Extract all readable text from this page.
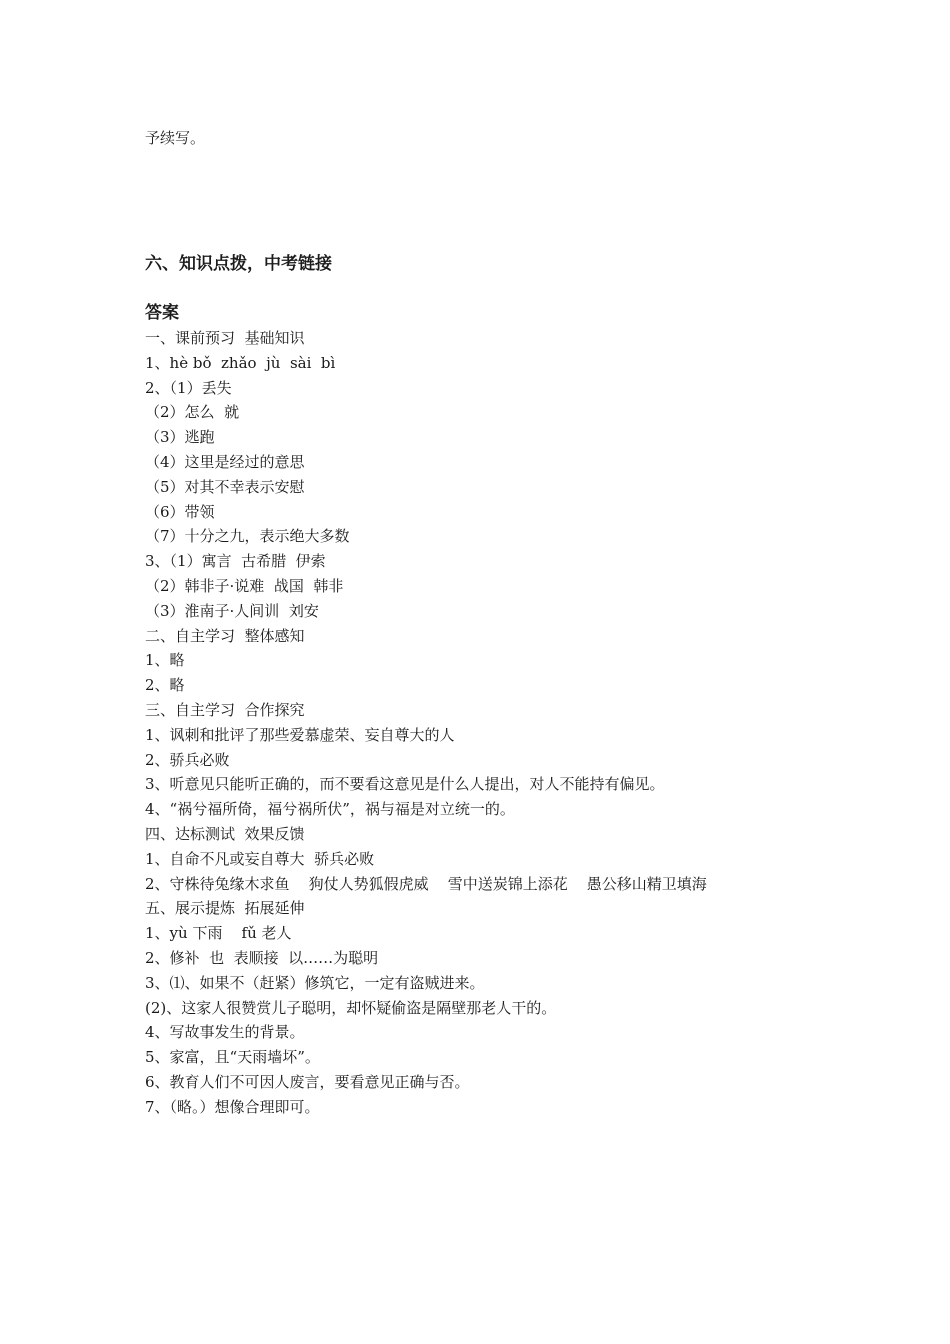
予续写。

六、知识点拨，中考链接
答案
一、课前预习  基础知识
1、hè bǒ  zhǎo  jù  sài  bì
2、（1）丢失
（2）怎么  就
（3）逃跑
（4）这里是经过的意思
（5）对其不幸表示安慰
（6）带领
（7）十分之九，表示绝大多数
3、（1）寓言  古希腊  伊索
（2）韩非子·说难  战国  韩非
（3）淮南子·人间训  刘安
二、自主学习  整体感知
1、略
2、略
三、自主学习  合作探究
1、讽刺和批评了那些爱慕虚荣、妄自尊大的人
2、骄兵必败
3、听意见只能听正确的，而不要看这意见是什么人提出，对人不能持有偏见。
4、“祸兮福所倚，福兮祸所伏”，祸与福是对立统一的。
四、达标测试  效果反馈
1、自命不凡或妄自尊大  骄兵必败
2、守株待兔缘木求鱼    狗仗人势狐假虎威    雪中送炭锦上添花    愚公移山精卫填海
五、展示提炼  拓展延伸
1、yù 下雨    fǔ 老人
2、修补  也  表顺接  以……为聪明
3、⑴、如果不（赶紧）修筑它，一定有盗贼进来。
(2)、这家人很赞赏儿子聪明，却怀疑偷盗是隔壁那老人干的。
4、写故事发生的背景。
5、家富，且“天雨墙坏”。
6、教育人们不可因人废言，要看意见正确与否。
7、（略。）想像合理即可。
